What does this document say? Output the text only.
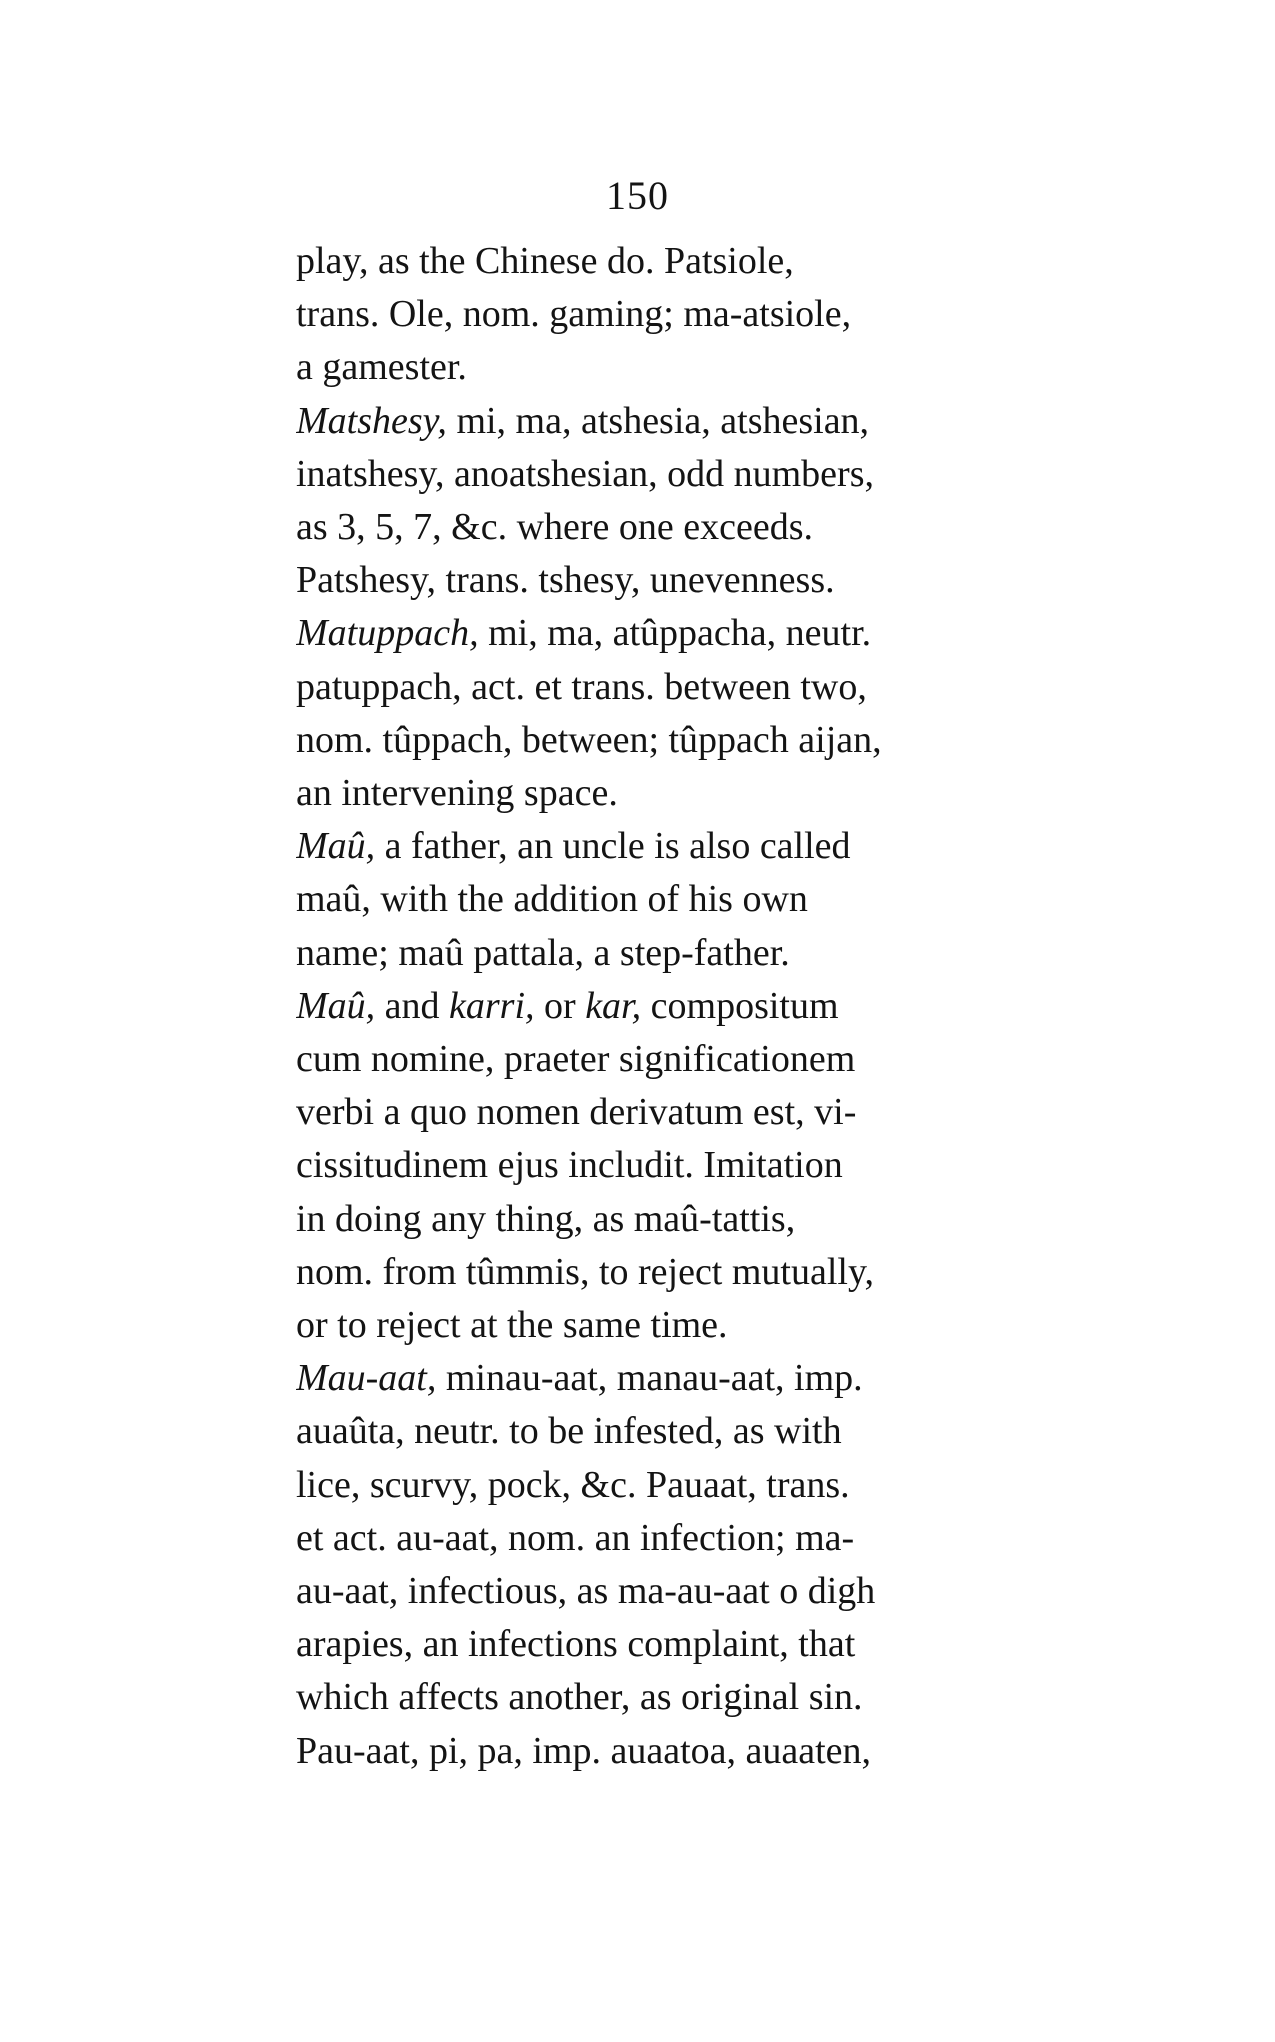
150
play, as the Chinese do. Patsiole,
trans. Ole, nom. gaming; ma-atsiole,
a gamester.
Matshesy, mi, ma, atshesia, atshesian,
inatshesy, anoatshesian, odd numbers,
as 3, 5, 7, &c. where one exceeds.
Patshesy, trans. tshesy, unevenness.
Matuppach, mi, ma, atûppacha, neutr.
patuppach, act. et trans. between two,
nom. tûppach, between; tûppach aijan,
an intervening space.
Maû, a father, an uncle is also called
maû, with the addition of his own
name; maû pattala, a step-father.
Maû, and karri, or kar, compositum
cum nomine, praeter significationem
verbi a quo nomen derivatum est, vi-
cissitudinem ejus includit. Imitation
in doing any thing, as maû-tattis,
nom. from tûmmis, to reject mutually,
or to reject at the same time.
Mau-aat, minau-aat, manau-aat, imp.
auaûta, neutr. to be infested, as with
lice, scurvy, pock, &c. Pauaat, trans.
et act. au-aat, nom. an infection; ma-
au-aat, infectious, as ma-au-aat o digh
arapies, an infections complaint, that
which affects another, as original sin.
Pau-aat, pi, pa, imp. auaatoa, auaaten,
